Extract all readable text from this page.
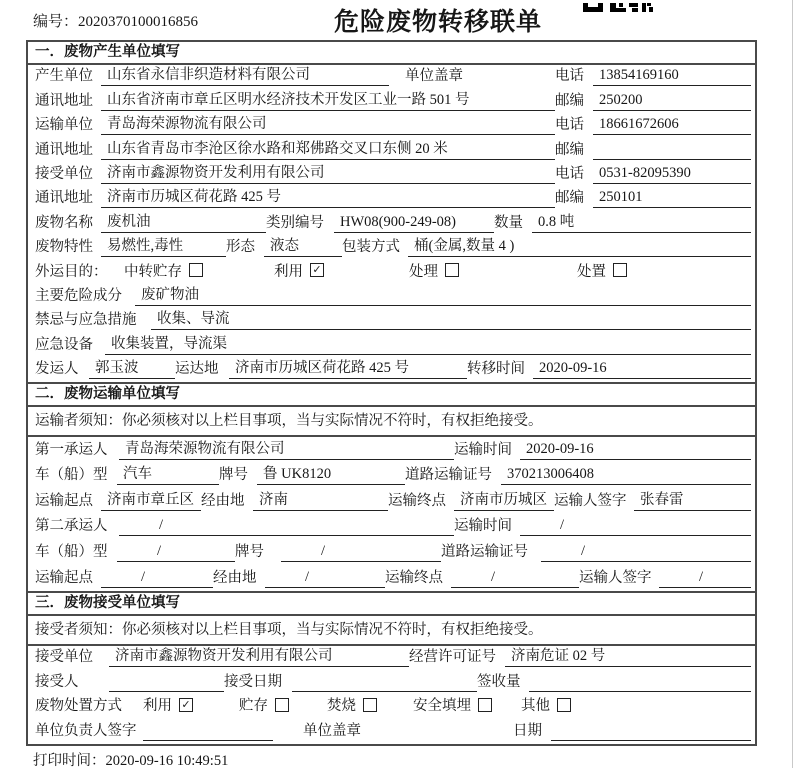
编号：2020370100016856	危险废物转移联单
一．废物产生单位填写
产生单位 山东省永信非织造材料有限公司	单位盖章	电话	13854169160
通讯地址 山东省济南市章丘区明水经济技术开发区工业一路 501 号	邮编	250200
运输单位 青岛海荣源物流有限公司	电话	18661672606
通讯地址 山东省青岛市李沧区徐水路和郑佛路交叉口东侧 20 米	邮编
接受单位 济南市鑫源物资开发利用有限公司	电话	0531-82095390
通讯地址 济南市历城区荷花路 425 号	邮编	250101
废物名称 废机油	类别编号	HW08(900-249-08)	数量	0.8 吨
废物特性 易燃性,毒性	形态	液态	包装方式 桶(金属,数量 4 )
外运目的：	中转贮存	利用 ✓	处理	处置
主要危险成分	废矿物油
禁忌与应急措施	收集、导流
应急设备	收集装置，导流渠
发运人	郭玉波	运达地	济南市历城区荷花路 425 号	转移时间 2020-09-16
二．废物运输单位填写
运输者须知：你必须核对以上栏目事项，当与实际情况不符时，有权拒绝接受。
第一承运人	青岛海荣源物流有限公司	运输时间 2020-09-16
车（船）型	汽车	牌号	鲁 UK8120	道路运输证号	370213006408
运输起点 济南市章丘区 经由地	济南	运输终点 济南市历城区 运输人签字 张春雷
第二承运人	/	运输时间	/
车（船）型	/	牌号	/	道路运输证号	/
运输起点	/	经由地	/	运输终点	/	运输人签字	/
三．废物接受单位填写
接受者须知：你必须核对以上栏目事项，当与实际情况不符时，有权拒绝接受。
接受单位	济南市鑫源物资开发利用有限公司	经营许可证号	济南危证 02 号
接受人	接受日期	签收量
废物处置方式	利用 ✓	贮存	焚烧	安全填埋	其他
单位负责人签字	单位盖章	日期
打印时间：2020-09-16 10:49:51
